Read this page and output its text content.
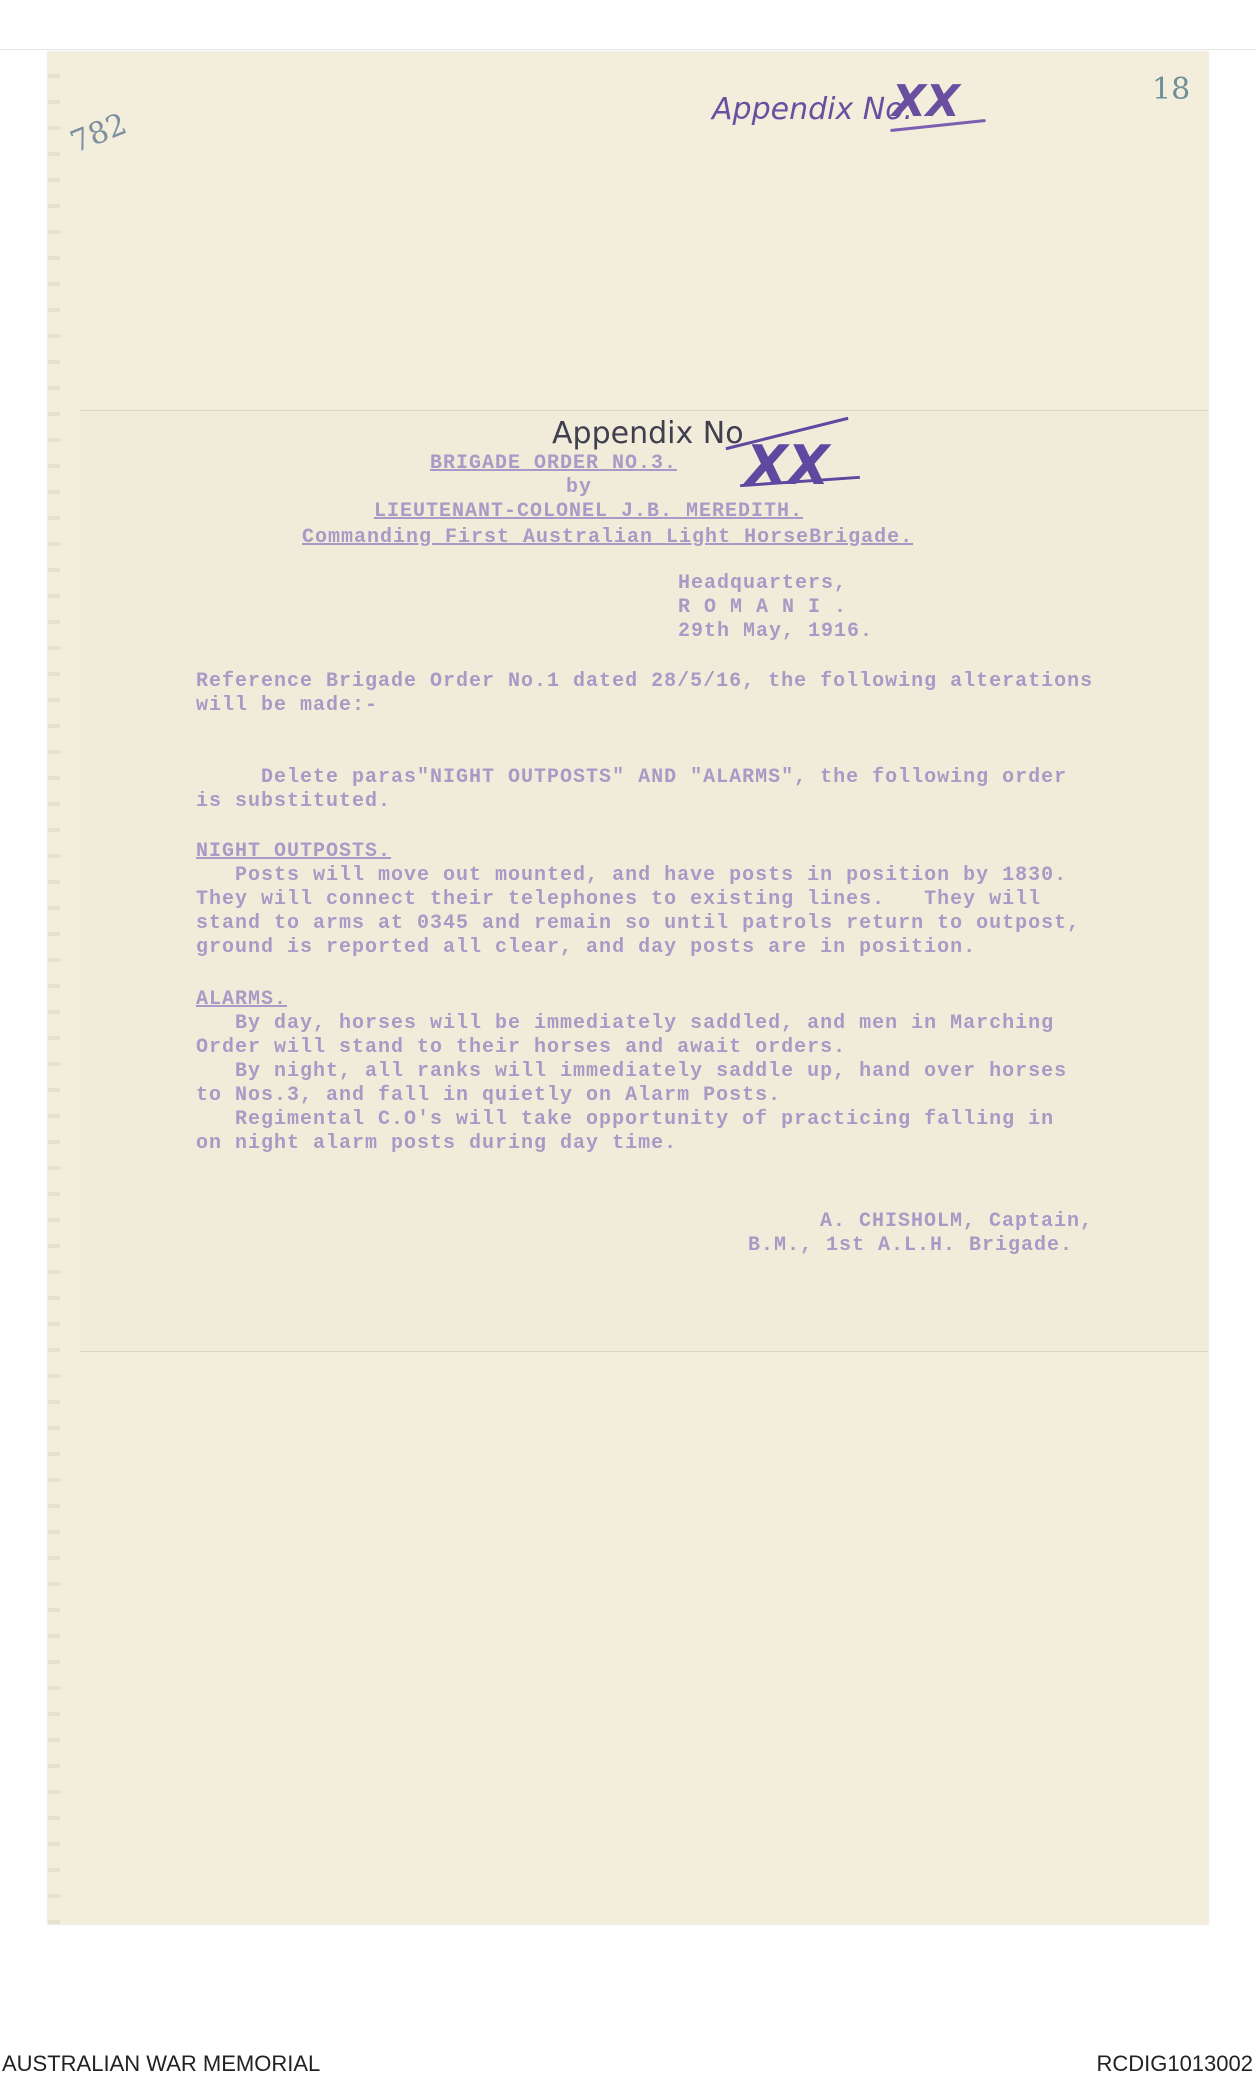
782
18
Appendix No.
XX
Appendix No
XX
BRIGADE ORDER NO.3.
by
LIEUTENANT-COLONEL J.B. MEREDITH.
Commanding First Australian Light HorseBrigade.
Headquarters,
R O M A N I .
29th May, 1916.
Reference Brigade Order No.1 dated 28/5/16, the following alterations
will be made:-
Delete paras"NIGHT OUTPOSTS" AND "ALARMS", the following order
is substituted.
NIGHT OUTPOSTS.
Posts will move out mounted, and have posts in position by 1830.
They will connect their telephones to existing lines.   They will
stand to arms at 0345 and remain so until patrols return to outpost,
ground is reported all clear, and day posts are in position.
ALARMS.
By day, horses will be immediately saddled, and men in Marching
Order will stand to their horses and await orders.
By night, all ranks will immediately saddle up, hand over horses
to Nos.3, and fall in quietly on Alarm Posts.
Regimental C.O's will take opportunity of practicing falling in
on night alarm posts during day time.
A. CHISHOLM, Captain,
B.M., 1st A.L.H. Brigade.
AUSTRALIAN WAR MEMORIAL	RCDIG1013002
